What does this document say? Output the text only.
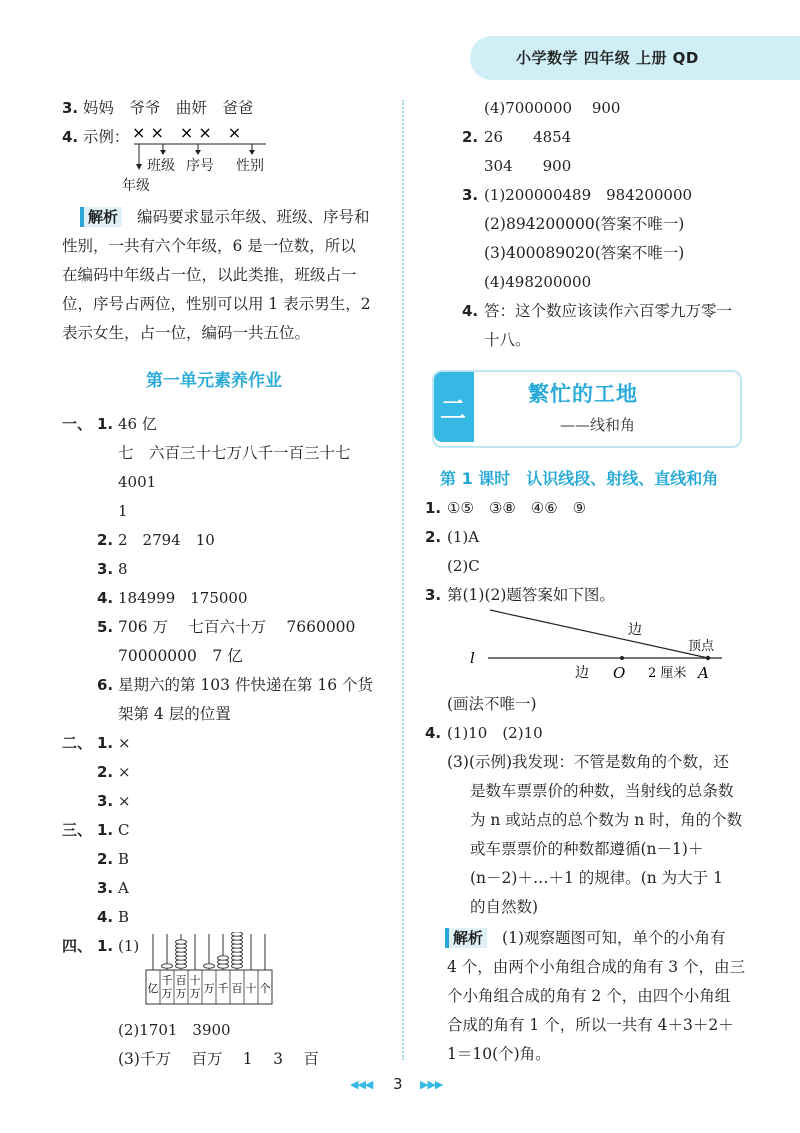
小学数学 四年级 上册 QD
3. 妈妈　爷爷　曲妍　爸爸
4. 示例： × ×　× ×　×
班级 序号 性别
年级
解析　 编码要求显示年级、班级、序号和
性别，一共有六个年级，6 是一位数，所以
在编码中年级占一位，以此类推，班级占一
位，序号占两位，性别可以用 1 表示男生，2
表示女生，占一位，编码一共五位。
第一单元素养作业
一、 1. 46 亿
七　六百三十七万八千一百三十七
4001
1
2. 2　2794　10
3. 8
4. 184999　175000
5. 706 万　 七百六十万　 7660000
70000000　7 亿
6. 星期六的第 103 件快递在第 16 个货
架第 4 层的位置
二、 1. ×
2. ×
3. ×
三、 1. C
2. B
3. A
4. B
四、 1. (1)
亿
千
万
百
万
十
万 万 千 百 十 个
(2)1701　3900
(3)千万　 百万　 1　 3　 百
(4)7000000　 900
2. 26　　4854
304　　900
3. (1)200000489　984200000
(2)894200000(答案不唯一)
(3)400089020(答案不唯一)
(4)498200000
4. 答：这个数应该读作六百零九万零一
十八。
二
繁忙的工地
——线和角
第 1 课时　认识线段、射线、直线和角
1. ①⑤　③⑧　④⑥　⑨
2. (1)A
(2)C
3. 第(1)(2)题答案如下图。
边
顶点
l
边 O 2 厘米 A
(画法不唯一)
4. (1)10　(2)10
(3)(示例)我发现：不管是数角的个数，还
是数车票票价的种数，当射线的总条数
为 n 或站点的总个数为 n 时，角的个数
或车票票价的种数都遵循(n－1)＋
(n－2)＋…＋1 的规律。(n 为大于 1
的自然数)
解析　 (1)观察题图可知，单个的小角有
4 个，由两个小角组合成的角有 3 个，由三
个小角组合成的角有 2 个，由四个小角组
合成的角有 1 个，所以一共有 4＋3＋2＋
1＝10(个)角。
◀◀◀ 3 ▶▶▶
